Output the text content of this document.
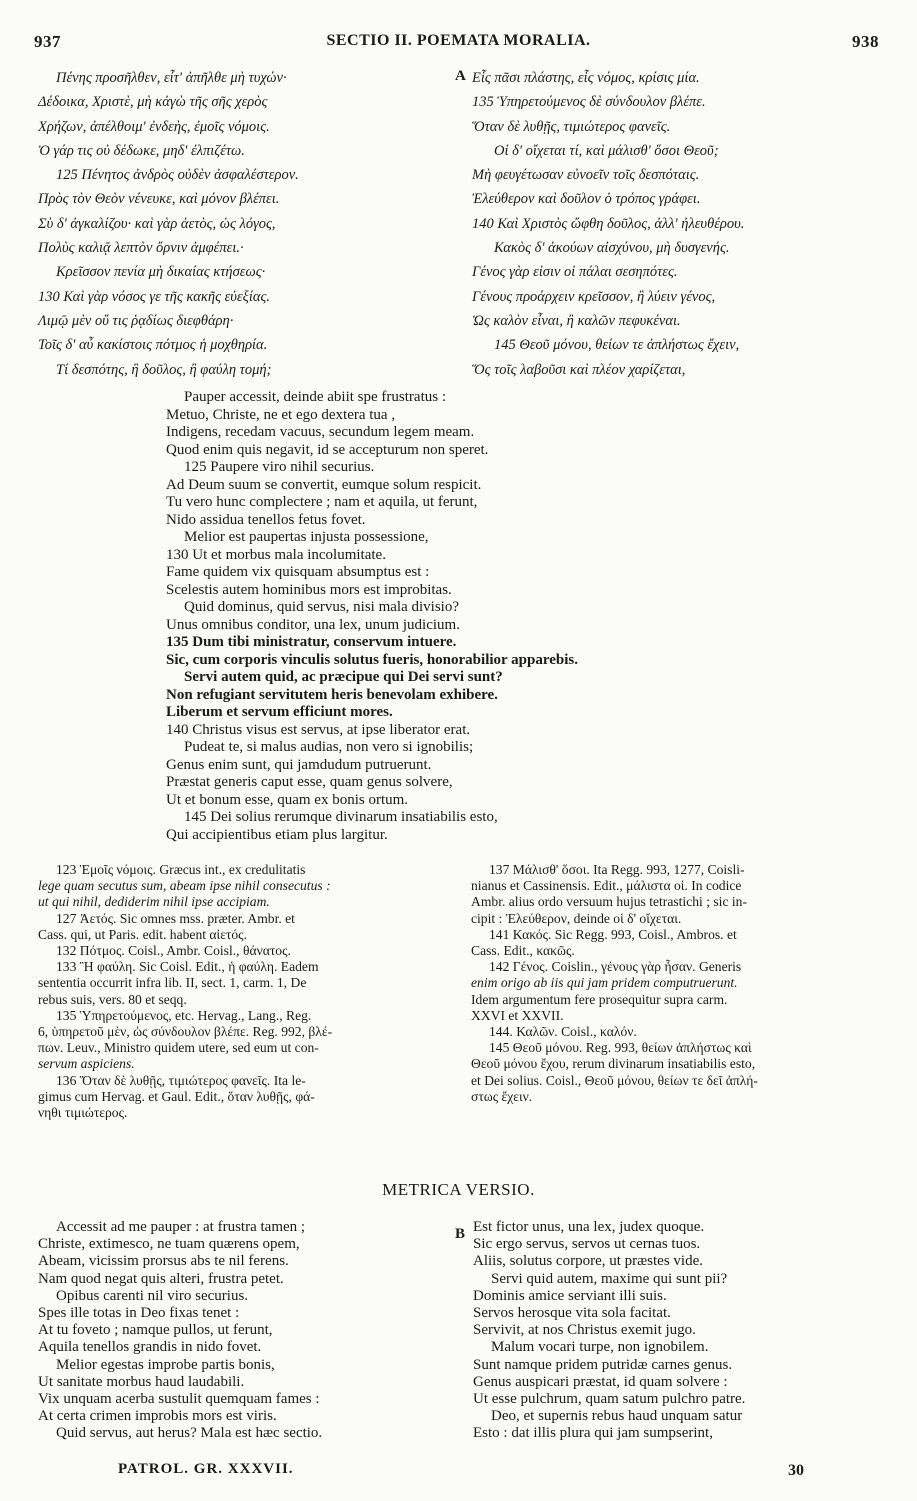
937	SECTIO II. POEMATA MORALIA.	938
Πένης προσῆλθεν, εἶτ' ἀπῆλθε μὴ τυχών·
Δέδοικα, Χριστὲ, μὴ κἀγὼ τῆς σῆς χερὸς
Χρήζων, ἀπέλθοιμ' ἐνδεὴς, ἐμοῖς νόμοις.
Ὁ γάρ τις οὐ δέδωκε, μηδ' ἐλπιζέτω.
125 Πένητος ἀνδρὸς οὐδὲν ἀσφαλέστερον.
Πρὸς τὸν Θεὸν νένευκε, καὶ μόνον βλέπει.
Σὺ δ' ἀγκαλίζου· καὶ γὰρ ἀετὸς, ὡς λόγος,
Πολὺς καλιᾷ λεπτὸν ὄρνιν ἀμφέπει.·
Κρεῖσσον πενία μὴ δικαίας κτήσεως·
130 Καὶ γὰρ νόσος γε τῆς κακῆς εὐεξίας.
Λιμῷ μὲν οὔ τις ῥᾳδίως διεφθάρη·
Τοῖς δ' αὖ κακίστοις πότμος ἡ μοχθηρία.
Τί δεσπότης, ἢ δοῦλος, ἢ φαύλη τομή;
A Εἷς πᾶσι πλάστης, εἷς νόμος, κρίσις μία.
135 Ὑπηρετούμενος δὲ σύνδουλον βλέπε.
Ὅταν δὲ λυθῇς, τιμιώτερος φανεῖς.
Οἱ δ' οἴχεται τί, καὶ μάλισθ' ὅσοι Θεοῦ;
Μὴ φευγέτωσαν εὐνοεῖν τοῖς δεσπόταις.
Ἐλεύθερον καὶ δοῦλον ὁ τρόπος γράφει.
140 Καὶ Χριστὸς ὤφθη δοῦλος, ἀλλ' ἠλευθέρου.
Κακὸς δ' ἀκούων αἰσχύνου, μὴ δυσγενής.
Γένος γὰρ εἰσιν οἱ πάλαι σεσηπότες.
Γένους προάρχειν κρεῖσσον, ἢ λύειν γένος,
Ὡς καλὸν εἶναι, ἢ καλῶν πεφυκέναι.
145 Θεοῦ μόνου, θείων τε ἀπλήστως ἔχειν,
Ὅς τοῖς λαβοῦσι καὶ πλέον χαρίζεται,
Pauper accessit, deinde abiit spe frustratus :
Metuo, Christe, ne et ego dextera tua ,
Indigens, recedam vacuus, secundum legem meam.
Quod enim quis negavit, id se accepturum non speret.
125 Paupere viro nihil securius.
Ad Deum suum se convertit, eumque solum respicit.
Tu vero hunc complectere ; nam et aquila, ut ferunt,
Nido assidua tenellos fetus fovet.
Melior est paupertas injusta possessione,
130 Ut et morbus mala incolumitate.
Fame quidem vix quisquam absumptus est :
Scelestis autem hominibus mors est improbitas.
Quid dominus, quid servus, nisi mala divisio?
Unus omnibus conditor, una lex, unum judicium.
135 Dum tibi ministratur, conservum intuere.
Sic, cum corporis vinculis solutus fueris, honorabilior apparebis.
Servi autem quid, ac præcipue qui Dei servi sunt?
Non refugiant servitutem heris benevolam exhibere.
Liberum et servum efficiunt mores.
140 Christus visus est servus, at ipse liberator erat.
Pudeat te, si malus audias, non vero si ignobilis;
Genus enim sunt, qui jamdudum putruerunt.
Præstat generis caput esse, quam genus solvere,
Ut et bonum esse, quam ex bonis ortum.
145 Dei solius rerumque divinarum insatiabilis esto,
Qui accipientibus etiam plus largitur.
123 Ἐμοῖς νόμοις. Græcus int., ex credulitatis
lege quam secutus sum, abeam ipse nihil consecutus :
ut qui nihil, dediderim nihil ipse accipiam.
127 Ἀετός. Sic omnes mss. præter. Ambr. et
Cass. qui, ut Paris. edit. habent αἰετός.
132 Πότμος. Coisl., Ambr. Coisl., θάνατος.
133 Ἢ φαύλη. Sic Coisl. Edit., ἡ φαύλη. Eadem
sententia occurrit infra lib. II, sect. 1, carm. 1, De
rebus suis, vers. 80 et seqq.
135 Ὑπηρετούμενος, etc. Hervag., Lang., Reg.
6, ὑπηρετοῦ μὲν, ὡς σύνδουλον βλέπε. Reg. 992, βλέ-
πων. Leuv., Ministro quidem utere, sed eum ut con-
servum aspiciens.
136 Ὅταν δὲ λυθῇς, τιμιώτερος φανεῖς. Ita le-
gimus cum Hervag. et Gaul. Edit., ὅταν λυθῇς, φά-
νηθι τιμιώτερος.
137 Μάλισθ' ὅσοι. Ita Regg. 993, 1277, Coisli-
nianus et Cassinensis. Edit., μάλιστα οἱ. In codice
Ambr. alius ordo versuum hujus tetrastichi ; sic in-
cipit : Ἐλεύθερον, deinde οἱ δ' οἴχεται.
141 Κακός. Sic Regg. 993, Coisl., Ambros. et
Cass. Edit., κακῶς.
142 Γένος. Coislin., γένους γὰρ ἦσαν. Generis
enim origo ab iis qui jam pridem computruerunt.
Idem argumentum fere prosequitur supra carm.
XXVI et XXVII.
144. Καλῶν. Coisl., καλόν.
145 Θεοῦ μόνου. Reg. 993, θείων ἀπλήστως καὶ
Θεοῦ μόνου ἔχου, rerum divinarum insatiabilis esto,
et Dei solius. Coisl., Θεοῦ μόνου, θείων τε δεῖ ἀπλή-
στως ἔχειν.
METRICA VERSIO.
Accessit ad me pauper : at frustra tamen ;
Christe, extimesco, ne tuam quærens opem,
Abeam, vicissim prorsus abs te nil ferens.
Nam quod negat quis alteri, frustra petet.
Opibus carenti nil viro securius.
Spes ille totas in Deo fixas tenet :
At tu foveto ; namque pullos, ut ferunt,
Aquila tenellos grandis in nido fovet.
Melior egestas improbe partis bonis,
Ut sanitate morbus haud laudabili.
Vix unquam acerba sustulit quemquam fames :
At certa crimen improbis mors est viris.
Quid servus, aut herus? Mala est hæc sectio.
B Est fictor unus, una lex, judex quoque.
Sic ergo servus, servos ut cernas tuos.
Aliis, solutus corpore, ut præstes vide.
Servi quid autem, maxime qui sunt pii?
Dominis amice serviant illi suis.
Servos herosque vita sola facitat.
Servivit, at nos Christus exemit jugo.
Malum vocari turpe, non ignobilem.
Sunt namque pridem putridæ carnes genus.
Genus auspicari præstat, id quam solvere :
Ut esse pulchrum, quam satum pulchro patre.
Deo, et supernis rebus haud unquam satur
Esto : dat illis plura qui jam sumpserint,
PATROL. GR. XXXVII.	30
